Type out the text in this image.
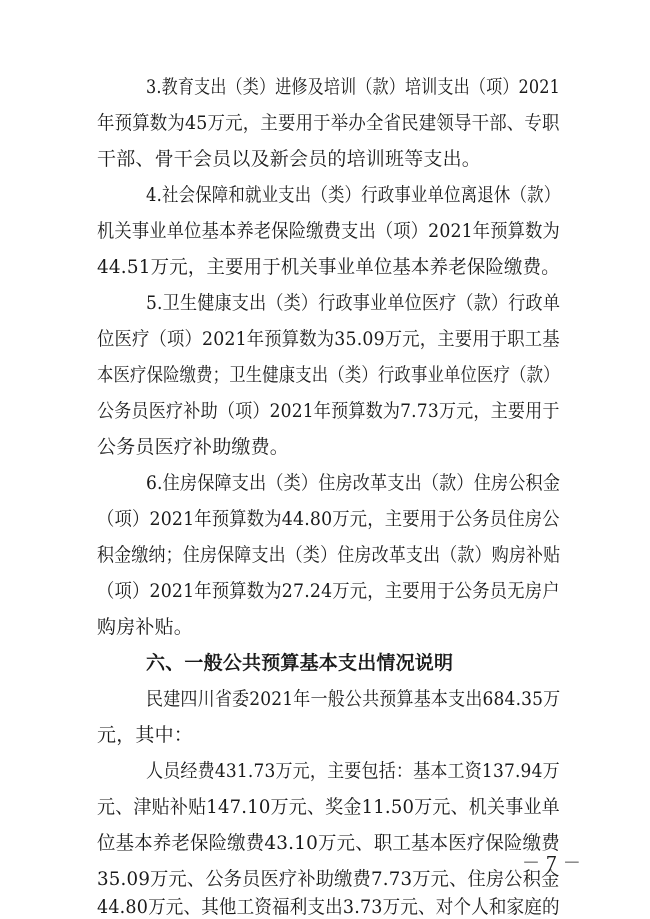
3.教育支出（类）进修及培训（款）培训支出（项）2021
年预算数为45万元，主要用于举办全省民建领导干部、专职
干部、骨干会员以及新会员的培训班等支出。
4.社会保障和就业支出（类）行政事业单位离退休（款）
机关事业单位基本养老保险缴费支出（项）2021年预算数为
44.51万元，主要用于机关事业单位基本养老保险缴费。
5.卫生健康支出（类）行政事业单位医疗（款）行政单
位医疗（项）2021年预算数为35.09万元，主要用于职工基
本医疗保险缴费；卫生健康支出（类）行政事业单位医疗（款）
公务员医疗补助（项）2021年预算数为7.73万元，主要用于
公务员医疗补助缴费。
6.住房保障支出（类）住房改革支出（款）住房公积金
（项）2021年预算数为44.80万元，主要用于公务员住房公
积金缴纳；住房保障支出（类）住房改革支出（款）购房补贴
（项）2021年预算数为27.24万元，主要用于公务员无房户
购房补贴。
六、一般公共预算基本支出情况说明
民建四川省委2021年一般公共预算基本支出684.35万
元，其中：
人员经费431.73万元，主要包括：基本工资137.94万
元、津贴补贴147.10万元、奖金11.50万元、机关事业单
位基本养老保险缴费43.10万元、职工基本医疗保险缴费
35.09万元、公务员医疗补助缴费7.73万元、住房公积金
44.80万元、其他工资福利支出3.73万元、对个人和家庭的
－ 7 －
